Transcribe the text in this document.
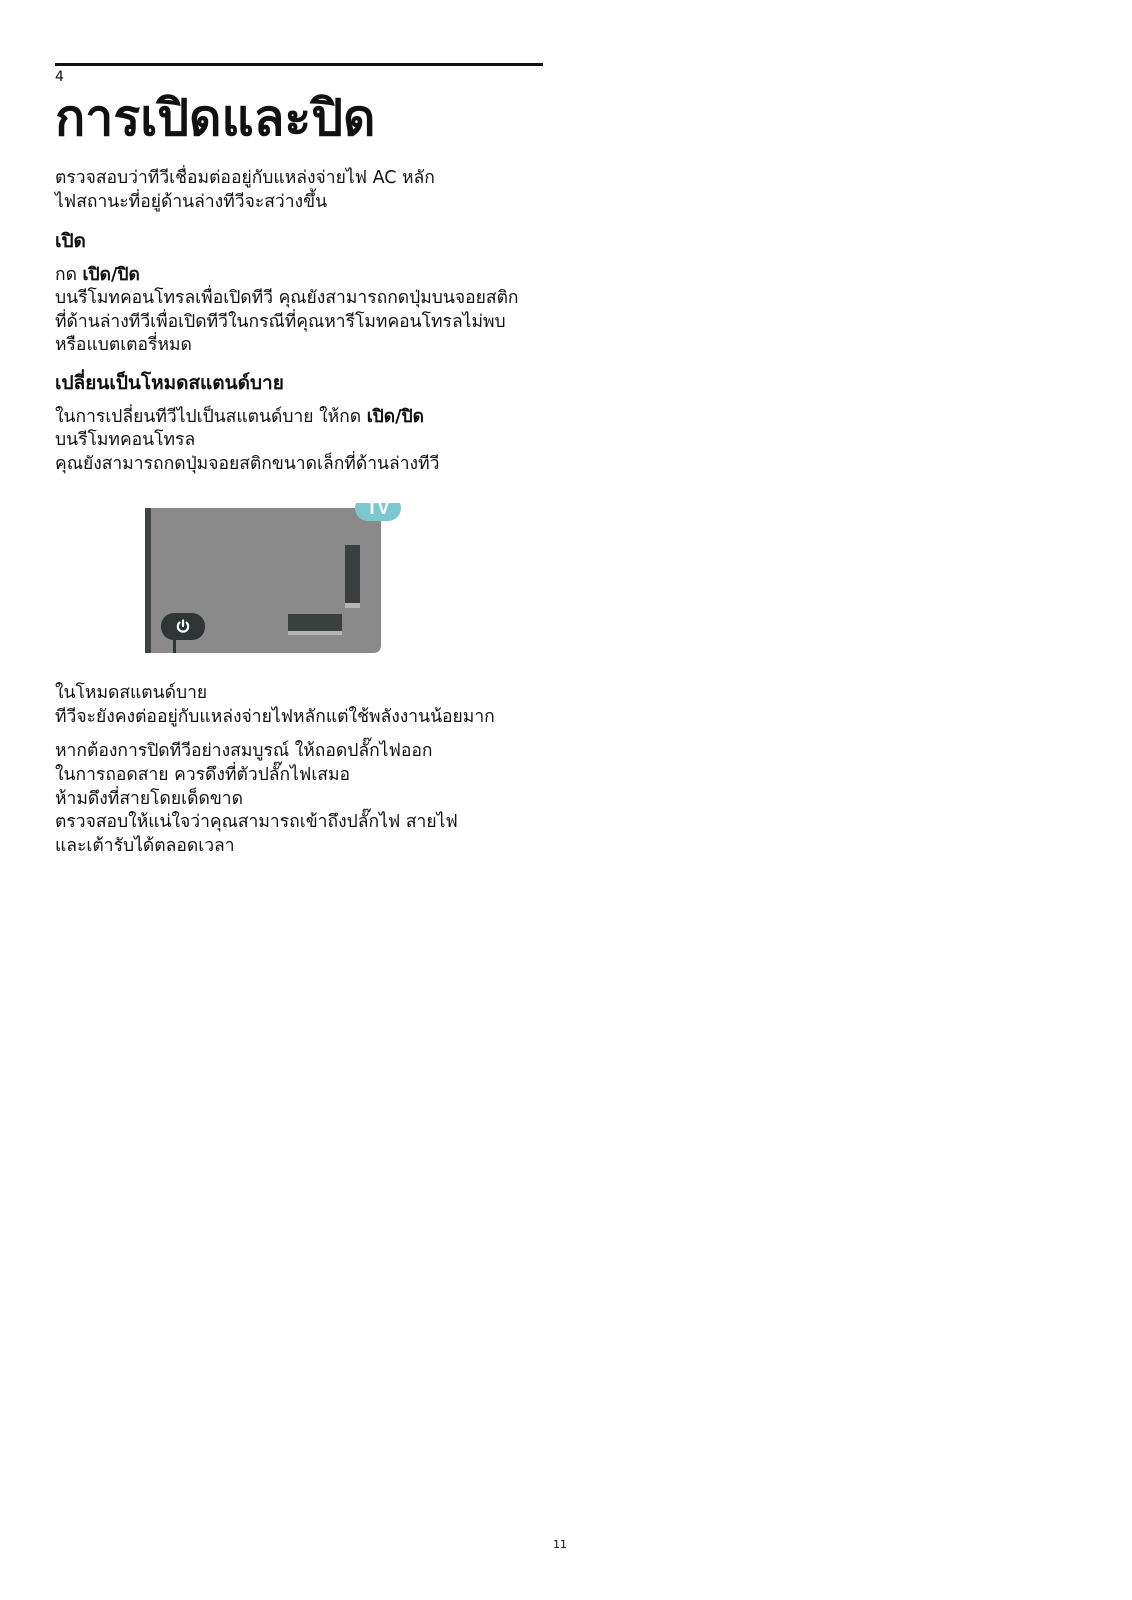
4
การเปิดและปิด

ตรวจสอบว่าทีวีเชื่อมต่ออยู่กับแหล่งจ่ายไฟ AC หลัก

ไฟสถานะที่อยู่ด้านล่างทีวีจะสว่างขึ้น

เปิด

กด เปิด/ปิด

บนรีโมทคอนโทรลเพื่อเปิดทีวี คุณยังสามารถกดปุ่มบนจอยสติก

ที่ด้านล่างทีวีเพื่อเปิดทีวีในกรณีที่คุณหารีโมทคอนโทรลไม่พบ

หรือแบตเตอรี่หมด

เปลี่ยนเป็นโหมดสแตนด์บาย

ในการเปลี่ยนทีวีไปเป็นสแตนด์บาย ให้กด เปิด/ปิด

บนรีโมทคอนโทรล

คุณยังสามารถกดปุ่มจอยสติกขนาดเล็กที่ด้านล่างทีวี

TV

ในโหมดสแตนด์บาย

ทีวีจะยังคงต่ออยู่กับแหล่งจ่ายไฟหลักแต่ใช้พลังงานน้อยมาก

หากต้องการปิดทีวีอย่างสมบูรณ์ ให้ถอดปลั๊กไฟออก

ในการถอดสาย ควรดึงที่ตัวปลั๊กไฟเสมอ

ห้ามดึงที่สายโดยเด็ดขาด

ตรวจสอบให้แน่ใจว่าคุณสามารถเข้าถึงปลั๊กไฟ สายไฟ

และเต้ารับได้ตลอดเวลา

11
